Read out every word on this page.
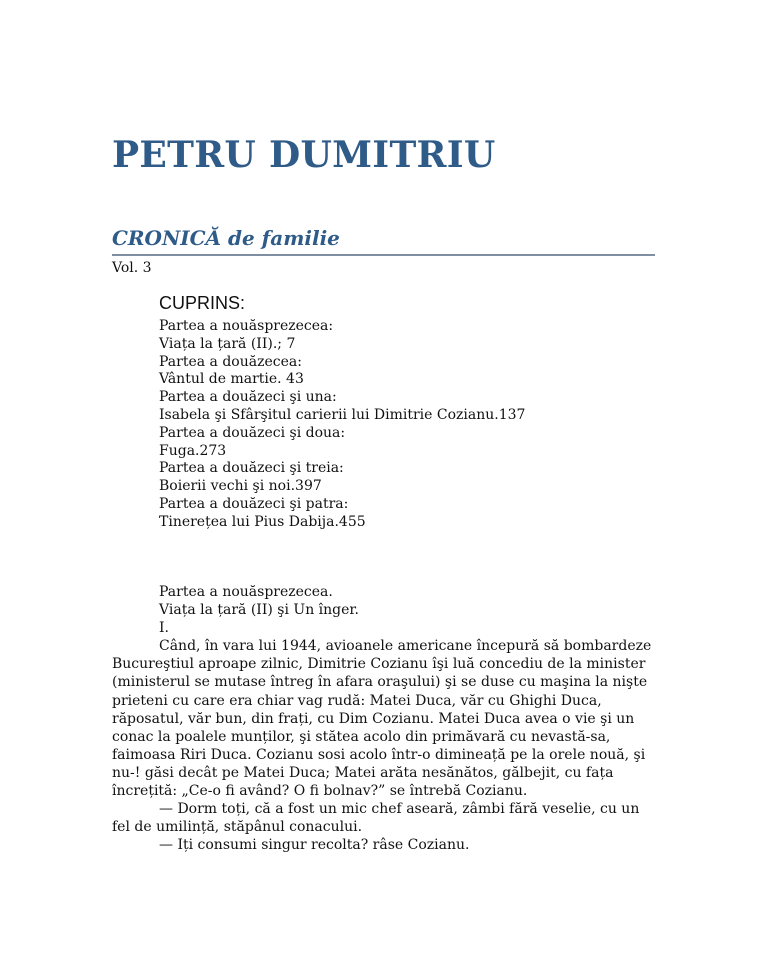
PETRU DUMITRIU
CRONICĂ de familie
Vol. 3
CUPRINS:
Partea a nouăsprezecea:
Viața la țară (II).; 7
Partea a douăzecea:
Vântul de martie. 43
Partea a douăzeci şi una:
Isabela şi Sfârşitul carierii lui Dimitrie Cozianu.137
Partea a douăzeci şi doua:
Fuga.273
Partea a douăzeci şi treia:
Boierii vechi şi noi.397
Partea a douăzeci şi patra:
Tinerețea lui Pius Dabija.455
Partea a nouăsprezecea.
Viața la țară (II) şi Un înger.
I.

Când, în vara lui 1944, avioanele americane începură să bombardeze Bucureştiul aproape zilnic, Dimitrie Cozianu îşi luă concediu de la minister (ministerul se mutase întreg în afara oraşului) şi se duse cu maşina la nişte prieteni cu care era chiar vag rudă: Matei Duca, văr cu Ghighi Duca, răposatul, văr bun, din frați, cu Dim Cozianu. Matei Duca avea o vie şi un conac la poalele munților, şi stătea acolo din primăvară cu nevastă-sa, faimoasa Riri Duca. Cozianu sosi acolo într-o dimineață pe la orele nouă, şi nu-! găsi decât pe Matei Duca; Matei arăta nesănătos, gălbejit, cu fața încrețită: „Ce-o fi având? O fi bolnav?” se întrebă Cozianu.

— Dorm toți, că a fost un mic chef aseară, zâmbi fără veselie, cu un fel de umilință, stăpânul conacului.

— Iți consumi singur recolta? râse Cozianu.
